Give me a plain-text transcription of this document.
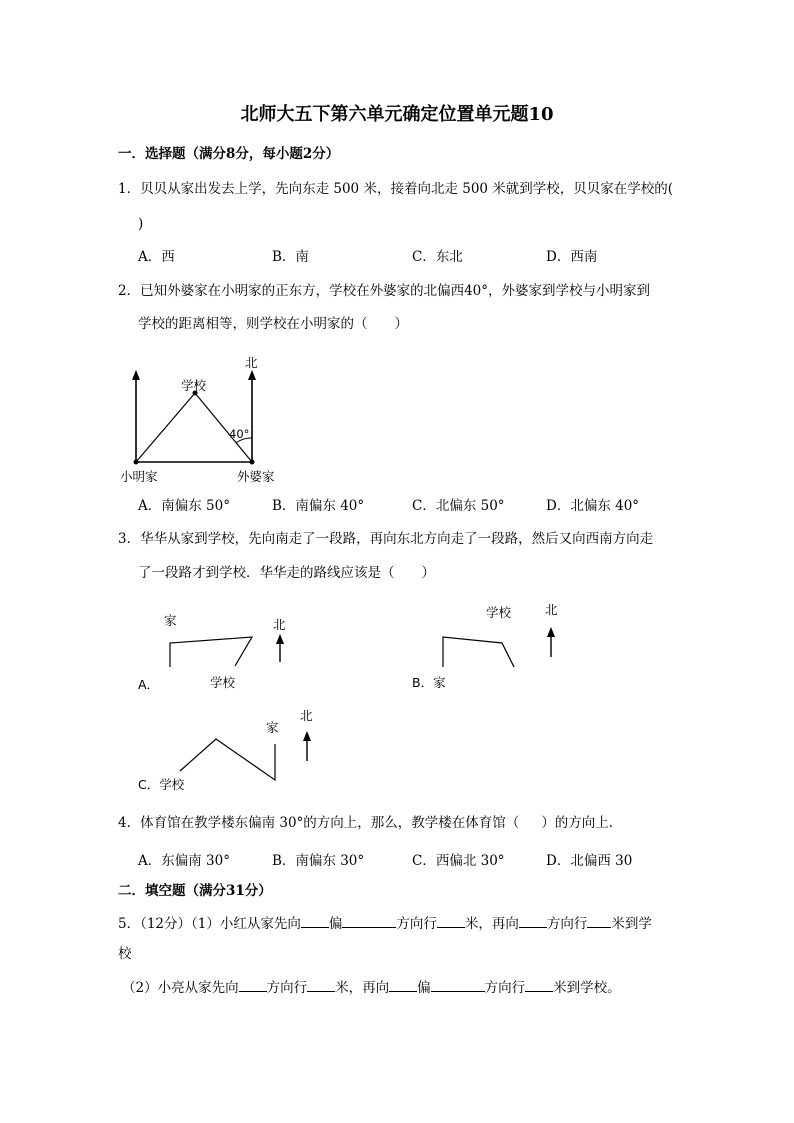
北师大五下第六单元确定位置单元题10
一．选择题（满分8分，每小题2分）
1．贝贝从家出发去上学，先向东走 500 米，接着向北走 500 米就到学校，贝贝家在学校的(
)
A．西	B．南	C．东北	D．西南
2．已知外婆家在小明家的正东方，学校在外婆家的北偏西40°，外婆家到学校与小明家到
学校的距离相等，则学校在小明家的（　　）
北
学校
40°
小明家	外婆家
A．南偏东 50°	B．南偏东 40°	C．北偏东 50°	D．北偏东 40°
3．华华从家到学校，先向南走了一段路，再向东北方向走了一段路，然后又向西南方向走
了一段路才到学校．华华走的路线应该是（　　）
家	北
学校
A．
学校	北
B．家
家
北
C．学校
4．体育馆在教学楼东偏南 30°的方向上，那么，教学楼在体育馆（ ）的方向上．
A．东偏南 30°	B．南偏东 30°	C．西偏北 30°	D．北偏西 30
二．填空题（满分31分）
5．（12分）（1）小红从家先向 偏	方向行 米，再向 方向行 米到学
校
（2）小亮从家先向 方向行 米，再向 偏	方向行 米到学校。
